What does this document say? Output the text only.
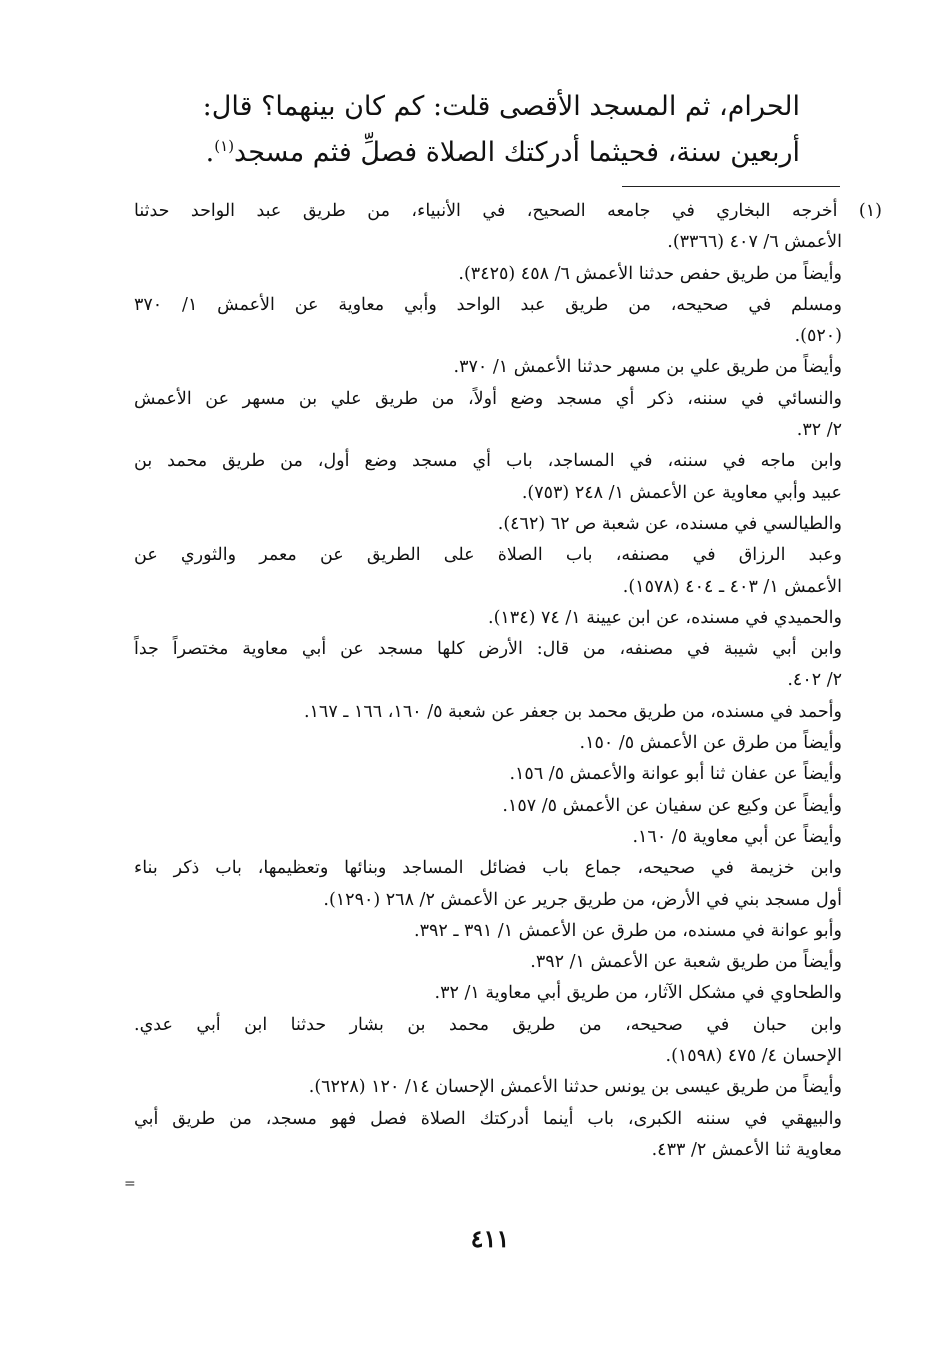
الحرام، ثم المسجد الأقصى قلت: كم كان بينهما؟ قال:
أربعين سنة، فحيثما أدركتك الصلاة فصلِّ فثم مسجد$^{(١)}$.

(١) أخرجه البخاري في جامعه الصحيح، في الأنبياء، من طريق عبد الواحد حدثنا

الأعمش ٦/ ٤٠٧ (٣٣٦٦).

وأيضاً من طريق حفص حدثنا الأعمش ٦/ ٤٥٨ (٣٤٢٥).

ومسلم في صحيحه، من طريق عبد الواحد وأبي معاوية عن الأعمش ١/ ٣٧٠

(٥٢٠).

وأيضاً من طريق علي بن مسهر حدثنا الأعمش ١/ ٣٧٠.

والنسائي في سننه، ذكر أي مسجد وضع أولاً، من طريق علي بن مسهر عن الأعمش

٢/ ٣٢.

وابن ماجه في سننه، في المساجد، باب أي مسجد وضع أول، من طريق محمد بن

عبيد وأبي معاوية عن الأعمش ١/ ٢٤٨ (٧٥٣).

والطيالسي في مسنده، عن شعبة ص ٦٢ (٤٦٢).

وعبد الرزاق في مصنفه، باب الصلاة على الطريق عن معمر والثوري عن

الأعمش ١/ ٤٠٣ ـ ٤٠٤ (١٥٧٨).

والحميدي في مسنده، عن ابن عيينة ١/ ٧٤ (١٣٤).

وابن أبي شيبة في مصنفه، من قال: الأرض كلها مسجد عن أبي معاوية مختصراً جداً

٢/ ٤٠٢.

وأحمد في مسنده، من طريق محمد بن جعفر عن شعبة ٥/ ١٦٠، ١٦٦ ـ ١٦٧.

وأيضاً من طرق عن الأعمش ٥/ ١٥٠.

وأيضاً عن عفان ثنا أبو عوانة والأعمش ٥/ ١٥٦.

وأيضاً عن وكيع عن سفيان عن الأعمش ٥/ ١٥٧.

وأيضاً عن أبي معاوية ٥/ ١٦٠.

وابن خزيمة في صحيحه، جماع باب فضائل المساجد وبنائها وتعظيمها، باب ذكر بناء

أول مسجد بني في الأرض، من طريق جرير عن الأعمش ٢/ ٢٦٨ (١٢٩٠).

وأبو عوانة في مسنده، من طرق عن الأعمش ١/ ٣٩١ ـ ٣٩٢.

وأيضاً من طريق شعبة عن الأعمش ١/ ٣٩٢.

والطحاوي في مشكل الآثار، من طريق أبي معاوية ١/ ٣٢.

وابن حبان في صحيحه، من طريق محمد بن بشار حدثنا ابن أبي عدي.

الإحسان ٤/ ٤٧٥ (١٥٩٨).

وأيضاً من طريق عيسى بن يونس حدثنا الأعمش الإحسان ١٤/ ١٢٠ (٦٢٢٨).

والبيهقي في سننه الكبرى، باب أينما أدركتك الصلاة فصل فهو مسجد، من طريق أبي

معاوية ثنا الأعمش ٢/ ٤٣٣.

=
٤١١
